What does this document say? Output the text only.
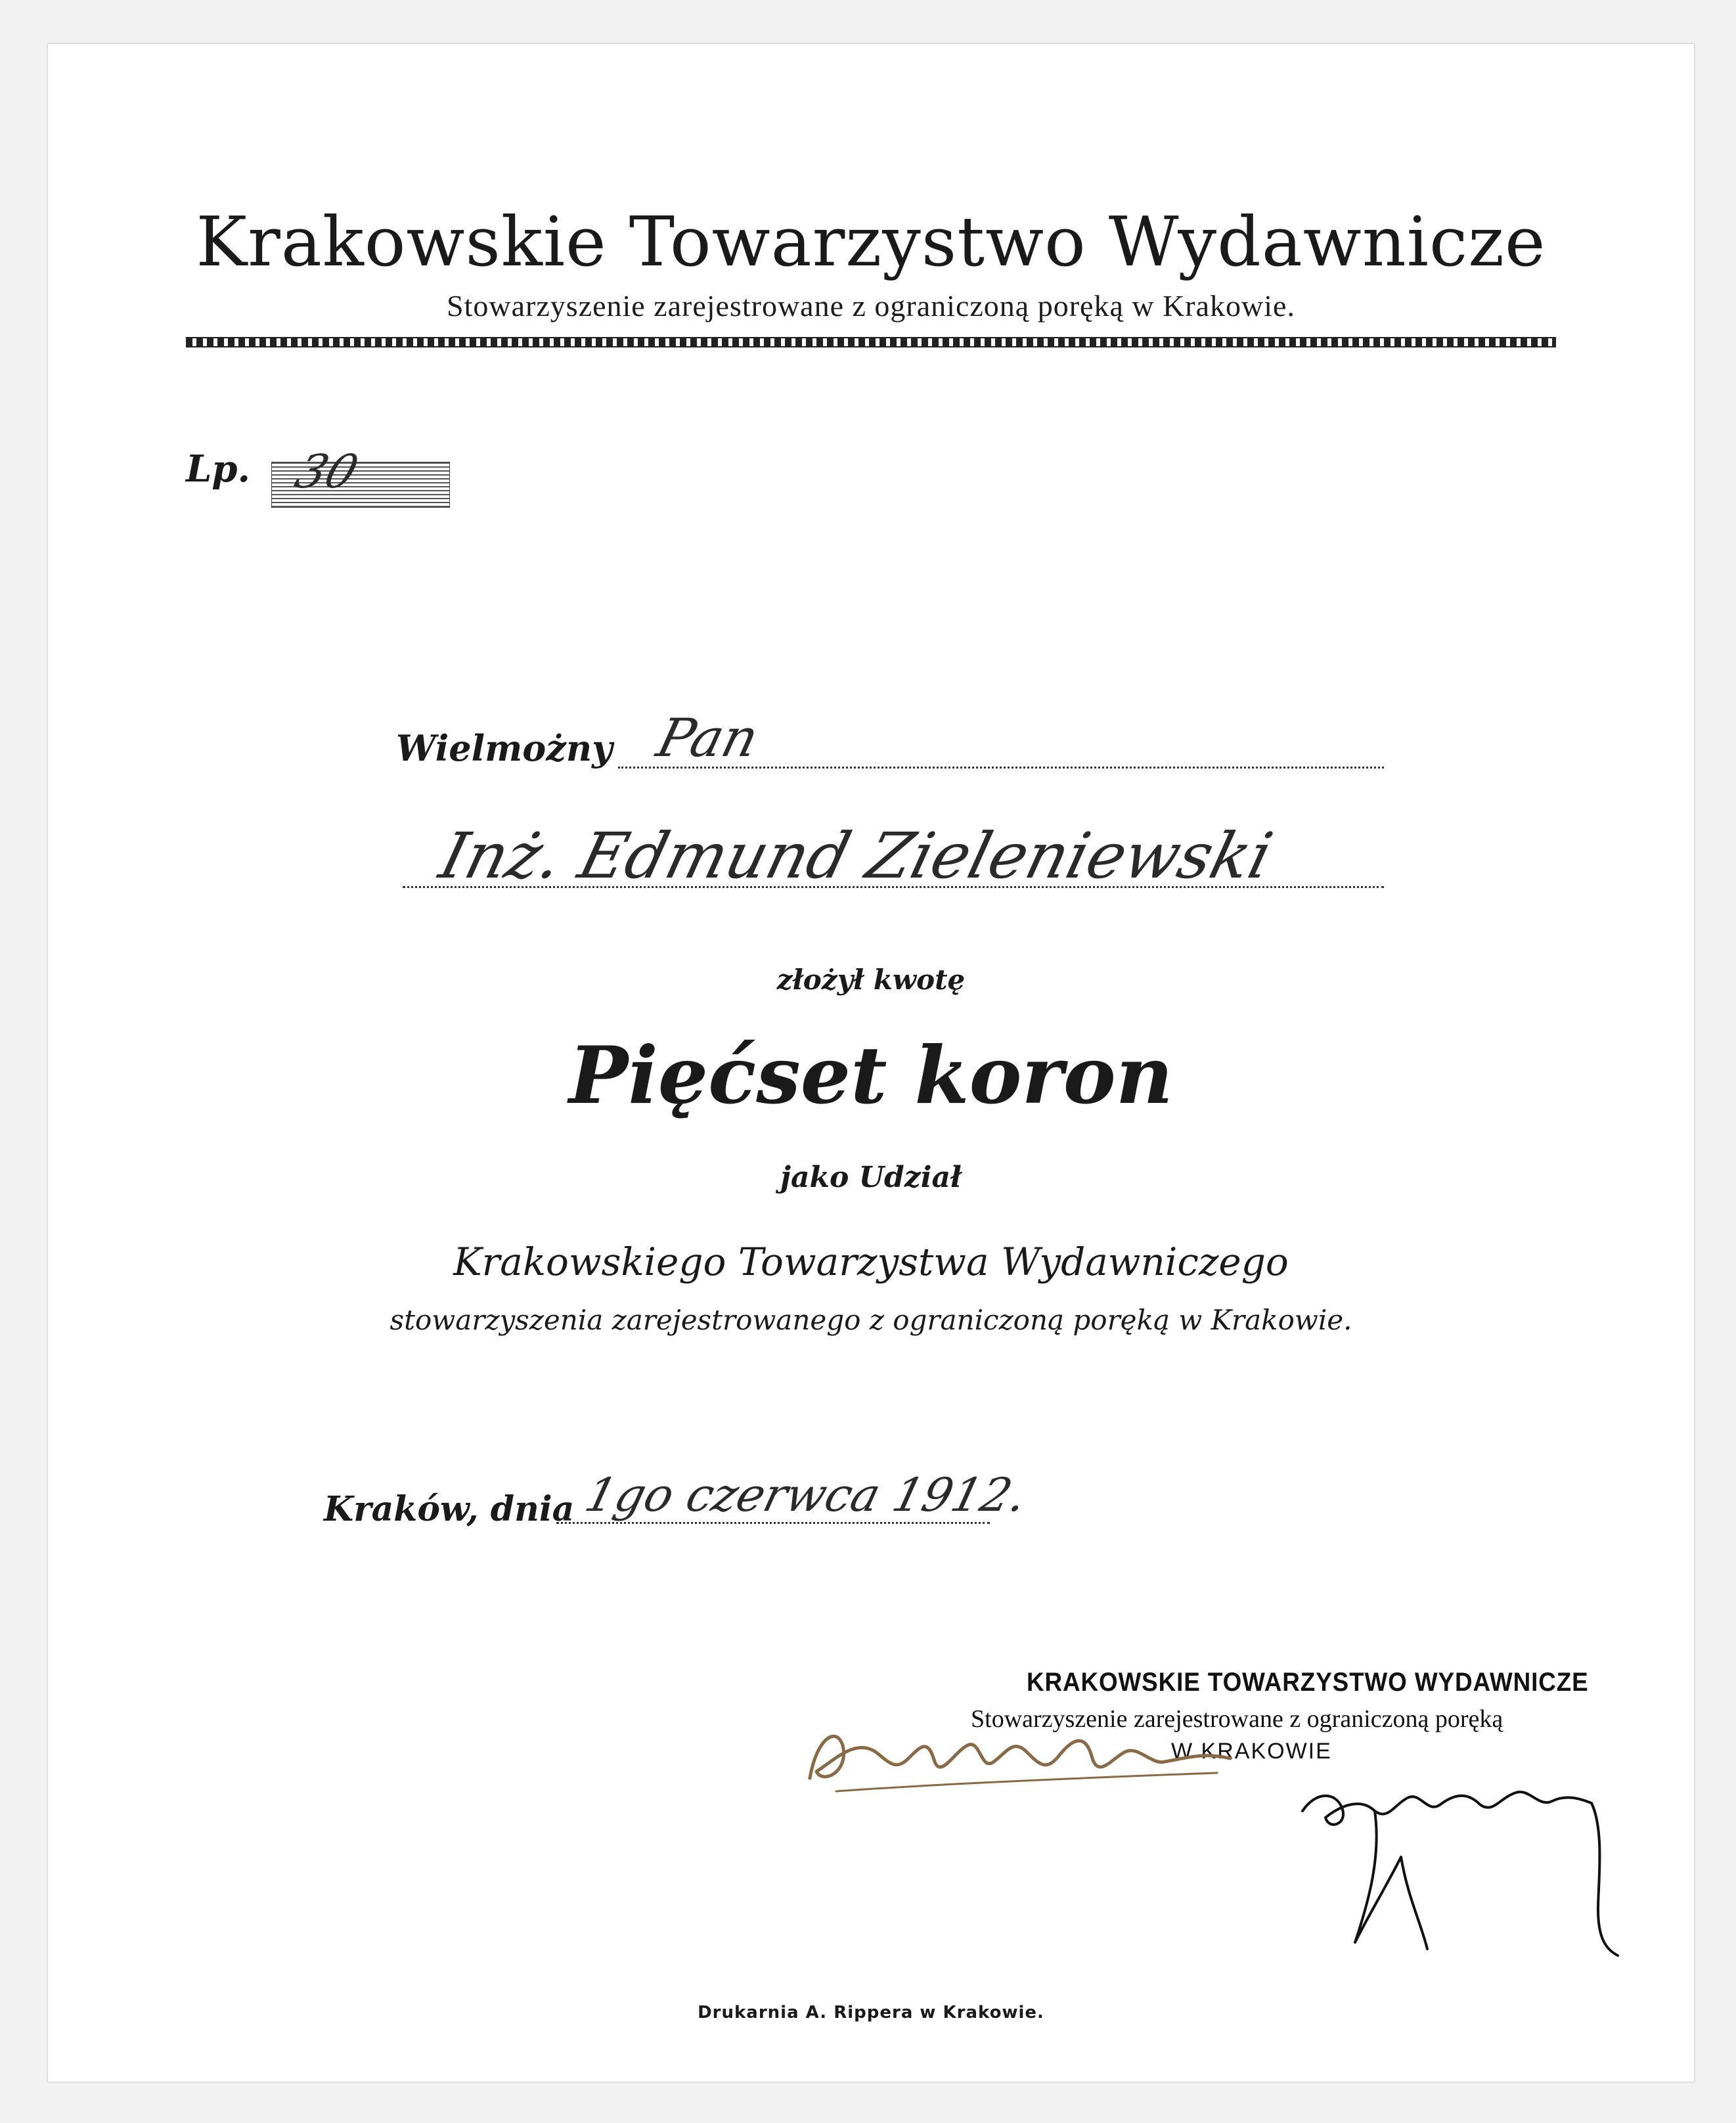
Krakowskie Towarzystwo Wydawnicze
Stowarzyszenie zarejestrowane z ograniczoną poręką w Krakowie.
Lp. 30
Wielmożny Pan
Inż. Edmund Zieleniewski
złożył kwotę
Pięćset koron
jako Udział
Krakowskiego Towarzystwa Wydawniczego
stowarzyszenia zarejestrowanego z ograniczoną poręką w Krakowie.
Kraków, dnia 1go czerwca 1912.
KRAKOWSKIE TOWARZYSTWO WYDAWNICZE
Stowarzyszenie zarejestrowane z ograniczoną poręką
W KRAKOWIE
Drukarnia A. Rippera w Krakowie.
